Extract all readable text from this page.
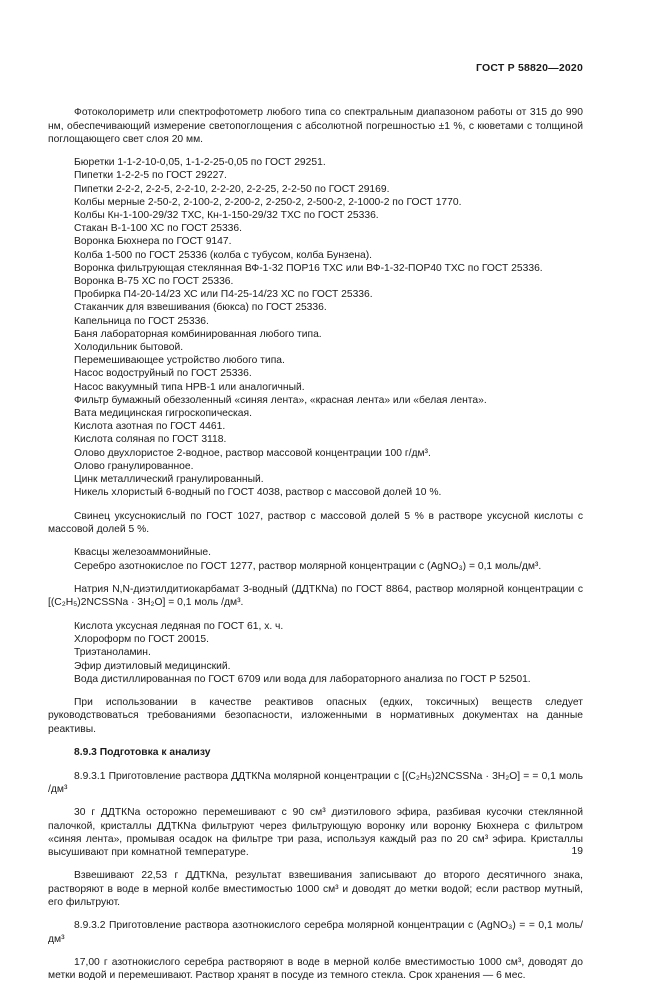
ГОСТ Р 58820—2020

Фотоколориметр или спектрофотометр любого типа со спектральным диапазоном работы от 315 до 990 нм, обеспечивающий измерение светопоглощения с абсолютной погрешностью ±1 %, с кюветами с толщиной поглощающего свет слоя 20 мм.

Бюретки 1-1-2-10-0,05, 1-1-2-25-0,05 по ГОСТ 29251.

Пипетки 1-2-2-5 по ГОСТ 29227.

Пипетки 2-2-2, 2-2-5, 2-2-10, 2-2-20, 2-2-25, 2-2-50 по ГОСТ 29169.

Колбы мерные 2-50-2, 2-100-2, 2-200-2, 2-250-2, 2-500-2, 2-1000-2 по ГОСТ 1770.

Колбы Кн-1-100-29/32 ТХС, Кн-1-150-29/32 ТХС по ГОСТ 25336.

Стакан В-1-100 ХС по ГОСТ 25336.

Воронка Бюхнера по ГОСТ 9147.

Колба 1-500 по ГОСТ 25336 (колба с тубусом, колба Бунзена).

Воронка фильтрующая стеклянная ВФ-1-32 ПОР16 ТХС или ВФ-1-32-ПОР40 ТХС по ГОСТ 25336.

Воронка В-75 ХС по ГОСТ 25336.

Пробирка П4-20-14/23 ХС или П4-25-14/23 ХС по ГОСТ 25336.

Стаканчик для взвешивания (бюкса) по ГОСТ 25336.

Капельница по ГОСТ 25336.

Баня лабораторная комбинированная любого типа.

Холодильник бытовой.

Перемешивающее устройство любого типа.

Насос водоструйный по ГОСТ 25336.

Насос вакуумный типа НРВ-1 или аналогичный.

Фильтр бумажный обеззоленный «синяя лента», «красная лента» или «белая лента».

Вата медицинская гигроскопическая.

Кислота азотная по ГОСТ 4461.

Кислота соляная по ГОСТ 3118.

Олово двухлористое 2-водное, раствор массовой концентрации 100 г/дм³.

Олово гранулированное.

Цинк металлический гранулированный.

Никель хлористый 6-водный по ГОСТ 4038, раствор с массовой долей 10 %.

Свинец уксуснокислый по ГОСТ 1027, раствор с массовой долей 5 % в растворе уксусной кислоты с массовой долей 5 %.

Квасцы железоаммонийные.

Серебро азотнокислое по ГОСТ 1277, раствор молярной концентрации c (AgNO₃) = 0,1 моль/дм³.

Натрия N,N-диэтилдитиокарбамат 3-водный (ДДТКNa) по ГОСТ 8864, раствор молярной концентрации c [(C₂H₅)2NCSSNa · 3H₂O] = 0,1 моль /дм³.

Кислота уксусная ледяная по ГОСТ 61, х. ч.

Хлороформ по ГОСТ 20015.

Триэтаноламин.

Эфир диэтиловый медицинский.

Вода дистиллированная по ГОСТ 6709 или вода для лабораторного анализа по ГОСТ Р 52501.

При использовании в качестве реактивов опасных (едких, токсичных) веществ следует руководствоваться требованиями безопасности, изложенными в нормативных документах на данные реактивы.

8.9.3 Подготовка к анализу

8.9.3.1 Приготовление раствора ДДТКNa молярной концентрации c [(C₂H₅)2NCSSNa · 3H₂O] = = 0,1 моль /дм³

30 г ДДТКNa осторожно перемешивают с 90 см³ диэтилового эфира, разбивая кусочки стеклянной палочкой, кристаллы ДДТКNa фильтруют через фильтрующую воронку или воронку Бюхнера с фильтром «синяя лента», промывая осадок на фильтре три раза, используя каждый раз по 20 см³ эфира. Кристаллы высушивают при комнатной температуре.

Взвешивают 22,53 г ДДТКNa, результат взвешивания записывают до второго десятичного знака, растворяют в воде в мерной колбе вместимостью 1000 см³ и доводят до метки водой; если раствор мутный, его фильтруют.

8.9.3.2 Приготовление раствора азотнокислого серебра молярной концентрации c (AgNO₃) = = 0,1 моль/дм³

17,00 г азотнокислого серебра растворяют в воде в мерной колбе вместимостью 1000 см³, доводят до метки водой и перемешивают. Раствор хранят в посуде из темного стекла. Срок хранения — 6 мес.

19
